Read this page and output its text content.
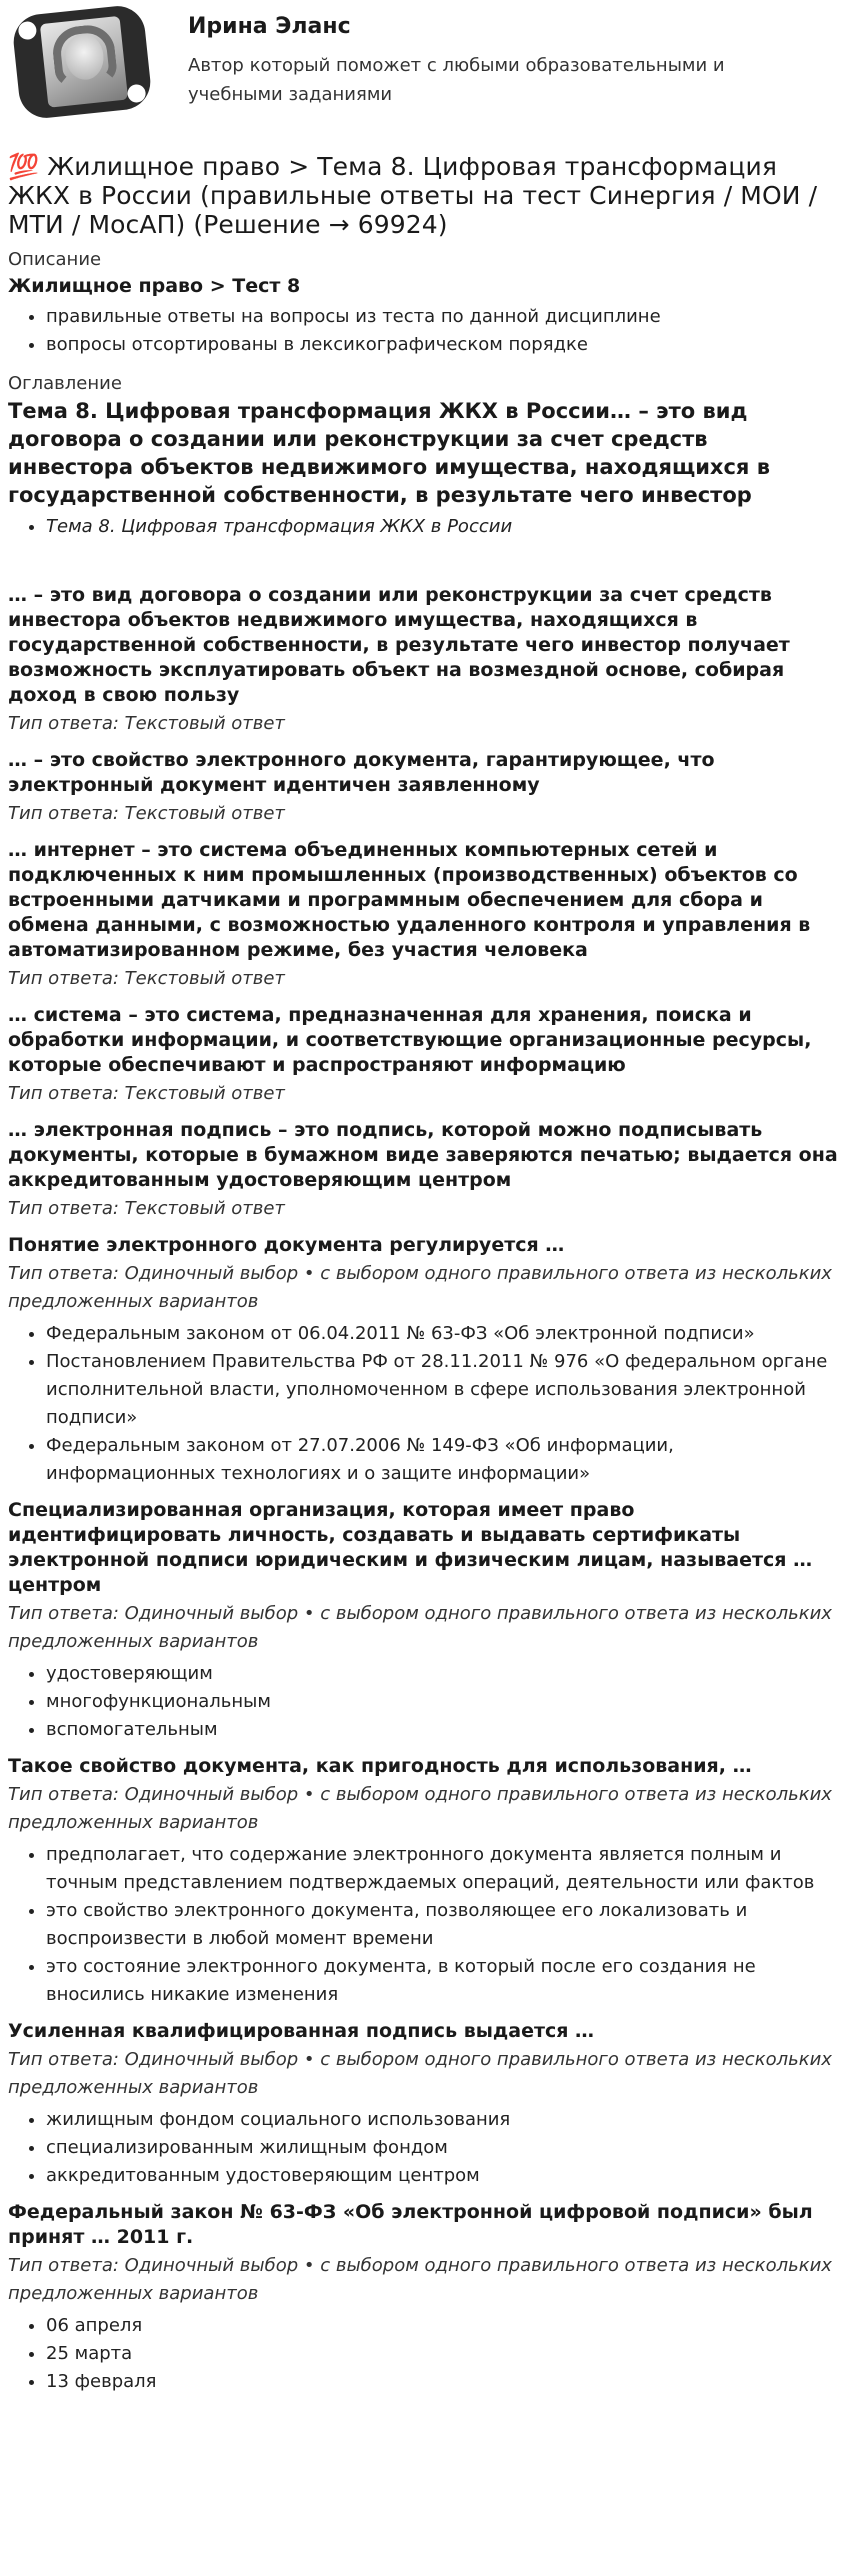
Ирина Эланс
Автор который поможет с любыми образовательными и учебными заданиями
💯 Жилищное право > Тема 8. Цифровая трансформация ЖКХ в России (правильные ответы на тест Синергия / МОИ / МТИ / МосАП) (Решение → 69924)

Описание

Жилищное право > Тест 8
• правильные ответы на вопросы из теста по данной дисциплине
• вопросы отсортированы в лексикографическом порядке

Оглавление

Тема 8. Цифровая трансформация ЖКХ в России… – это вид договора о создании или реконструкции за счет средств инвестора объектов недвижимого имущества, находящихся в государственной собственности, в результате чего инвестор
• Тема 8. Цифровая трансформация ЖКХ в России

… – это вид договора о создании или реконструкции за счет средств инвестора объектов недвижимого имущества, находящихся в государственной собственности, в результате чего инвестор получает возможность эксплуатировать объект на возмездной основе, собирая доход в свою пользу

Тип ответа: Текстовый ответ

… – это свойство электронного документа, гарантирующее, что электронный документ идентичен заявленному

Тип ответа: Текстовый ответ

… интернет – это система объединенных компьютерных сетей и подключенных к ним промышленных (производственных) объектов со встроенными датчиками и программным обеспечением для сбора и обмена данными, с возможностью удаленного контроля и управления в автоматизированном режиме, без участия человека

Тип ответа: Текстовый ответ

… система – это система, предназначенная для хранения, поиска и обработки информации, и соответствующие организационные ресурсы, которые обеспечивают и распространяют информацию

Тип ответа: Текстовый ответ

… электронная подпись – это подпись, которой можно подписывать документы, которые в бумажном виде заверяются печатью; выдается она аккредитованным удостоверяющим центром

Тип ответа: Текстовый ответ

Понятие электронного документа регулируется …

Тип ответа: Одиночный выбор • с выбором одного правильного ответа из нескольких предложенных вариантов

• Федеральным законом от 06.04.2011 № 63-ФЗ «Об электронной подписи»
• Постановлением Правительства РФ от 28.11.2011 № 976 «О федеральном органе исполнительной власти, уполномоченном в сфере использования электронной подписи»
• Федеральным законом от 27.07.2006 № 149-ФЗ «Об информации, информационных технологиях и о защите информации»

Специализированная организация, которая имеет право идентифицировать личность, создавать и выдавать сертификаты электронной подписи юридическим и физическим лицам, называется … центром

Тип ответа: Одиночный выбор • с выбором одного правильного ответа из нескольких предложенных вариантов

• удостоверяющим
• многофункциональным
• вспомогательным

Такое свойство документа, как пригодность для использования, …

Тип ответа: Одиночный выбор • с выбором одного правильного ответа из нескольких предложенных вариантов

• предполагает, что содержание электронного документа является полным и точным представлением подтверждаемых операций, деятельности или фактов
• это свойство электронного документа, позволяющее его локализовать и воспроизвести в любой момент времени
• это состояние электронного документа, в который после его создания не вносились никакие изменения

Усиленная квалифицированная подпись выдается …

Тип ответа: Одиночный выбор • с выбором одного правильного ответа из нескольких предложенных вариантов

• жилищным фондом социального использования
• специализированным жилищным фондом
• аккредитованным удостоверяющим центром

Федеральный закон № 63-ФЗ «Об электронной цифровой подписи» был принят … 2011 г.

Тип ответа: Одиночный выбор • с выбором одного правильного ответа из нескольких предложенных вариантов

• 06 апреля
• 25 марта
• 13 февраля
